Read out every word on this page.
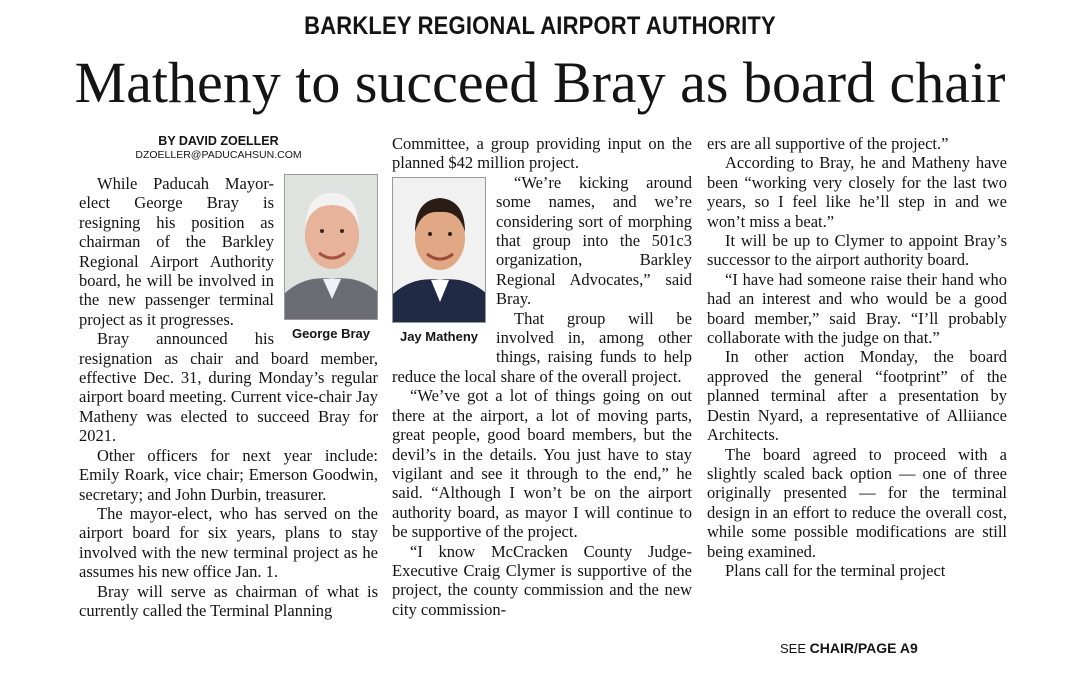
BARKLEY REGIONAL AIRPORT AUTHORITY
Matheny to succeed Bray as board chair
BY DAVID ZOELLER
DZOELLER@PADUCAHSUN.COM
George Bray

While Paducah Mayor-elect George Bray is resigning his position as chairman of the Barkley Regional Airport Authority board, he will be involved in the new passenger terminal project as it progresses.

Bray announced his resignation as chair and board member, effective Dec. 31, during Monday’s regular airport board meeting. Current vice-chair Jay Matheny was elected to succeed Bray for 2021.

Other officers for next year include: Emily Roark, vice chair; Emerson Goodwin, secretary; and John Durbin, treasurer.

The mayor-elect, who has served on the airport board for six years, plans to stay involved with the new terminal project as he assumes his new office Jan. 1.

Bray will serve as chairman of what is currently called the Terminal Planning

Committee, a group providing input on the planned $42 million project.

Jay Matheny

“We’re kicking around some names, and we’re considering sort of morphing that group into the 501c3 organization, Barkley Regional Advocates,” said Bray.

That group will be involved in, among other things, raising funds to help reduce the local share of the overall project.

“We’ve got a lot of things going on out there at the airport, a lot of moving parts, great people, good board members, but the devil’s in the details. You just have to stay vigilant and see it through to the end,” he said. “Although I won’t be on the airport authority board, as mayor I will continue to be supportive of the project.

“I know McCracken County Judge-Executive Craig Clymer is supportive of the project, the county commission and the new city commission-

ers are all supportive of the project.”

According to Bray, he and Matheny have been “working very closely for the last two years, so I feel like he’ll step in and we won’t miss a beat.”

It will be up to Clymer to appoint Bray’s successor to the airport authority board.

“I have had someone raise their hand who had an interest and who would be a good board member,” said Bray. “I’ll probably collaborate with the judge on that.”

In other action Monday, the board approved the general “footprint” of the planned terminal after a presentation by Destin Nyard, a representative of Alliiance Architects.

The board agreed to proceed with a slightly scaled back option — one of three originally presented — for the terminal design in an effort to reduce the overall cost, while some possible modifications are still being examined.

Plans call for the terminal project

SEE CHAIR/PAGE A9
